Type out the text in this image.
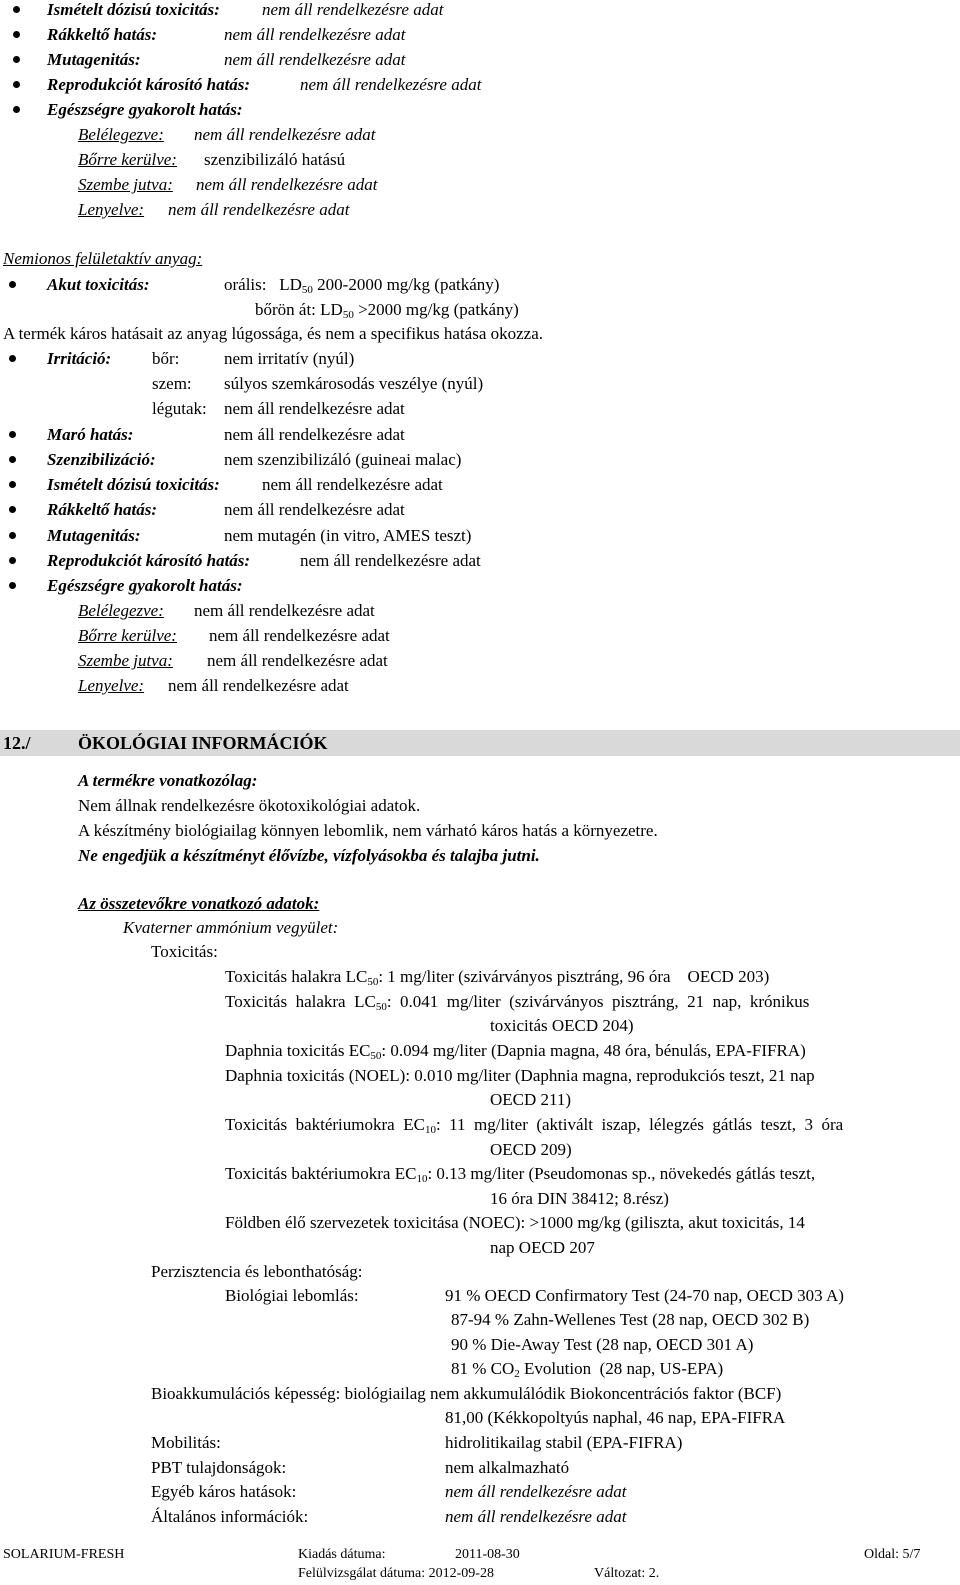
Ismételt dózisú toxicitás: nem áll rendelkezésre adat
Rákkeltő hatás:	nem áll rendelkezésre adat
Mutagenitás:	nem áll rendelkezésre adat
Reprodukciót károsító hatás:	nem áll rendelkezésre adat
Egészségre gyakorolt hatás:
Belélegezve: nem áll rendelkezésre adat
Bőrre kerülve: szenzibilizáló hatású
Szembe jutva: nem áll rendelkezésre adat
Lenyelve: nem áll rendelkezésre adat
Nemionos felületaktív anyag:
Akut toxicitás:	orális: $LD_{50}$ 200-2000 mg/kg (patkány)
bőrön át: $LD_{50} >2000$ mg/kg (patkány)
A termék káros hatásait az anyag lúgossága, és nem a specifikus hatása okozza.
Irritáció: bőr:	nem irritatív (nyúl)
szem: súlyos szemkárosodás veszélye (nyúl)
légutak: nem áll rendelkezésre adat
Maró hatás:	nem áll rendelkezésre adat
Szenzibilizáció:	nem szenzibilizáló (guineai malac)
Ismételt dózisú toxicitás: nem áll rendelkezésre adat
Rákkeltő hatás:	nem áll rendelkezésre adat
Mutagenitás:	nem mutagén (in vitro, AMES teszt)
Reprodukciót károsító hatás:	nem áll rendelkezésre adat
Egészségre gyakorolt hatás:
Belélegezve: nem áll rendelkezésre adat
Bőrre kerülve: nem áll rendelkezésre adat
Szembe jutva: nem áll rendelkezésre adat
Lenyelve: nem áll rendelkezésre adat
12./	ÖKOLÓGIAI INFORMÁCIÓK
A termékre vonatkozólag:
Nem állnak rendelkezésre ökotoxikológiai adatok.
A készítmény biológiailag könnyen lebomlik, nem várható káros hatás a környezetre.
Ne engedjük a készítményt élővízbe, vízfolyásokba és talajba jutni.
Az összetevőkre vonatkozó adatok:
Kvaterner ammónium vegyület:
Toxicitás:
Toxicitás halakra $LC_{50}$: 1 mg/liter (szivárványos pisztráng, 96 óra    OECD 203)
Toxicitás  halakra  $LC_{50}$:  0.041  mg/liter  (szivárványos  pisztráng,  21  nap,  krónikus
toxicitás OECD 204)
Daphnia toxicitás $EC_{50}$: 0.094 mg/liter (Dapnia magna, 48 óra, bénulás, EPA-FIFRA)
Daphnia toxicitás (NOEL): 0.010 mg/liter (Daphnia magna, reprodukciós teszt, 21 nap
OECD 211)
Toxicitás  baktériumokra  $EC_{10}$:  11  mg/liter  (aktivált  iszap,  lélegzés  gátlás  teszt,  3  óra
OECD 209)
Toxicitás baktériumokra $EC_{10}$: 0.13 mg/liter (Pseudomonas sp., növekedés gátlás teszt,
16 óra DIN 38412; 8.rész)
Földben élő szervezetek toxicitása (NOEC): >1000 mg/kg (giliszta, akut toxicitás, 14
nap OECD 207
Perzisztencia és lebonthatóság:
Biológiai lebomlás:	91 % OECD Confirmatory Test (24-70 nap, OECD 303 A)
87-94 % Zahn-Wellenes Test (28 nap, OECD 302 B)
90 % Die-Away Test (28 nap, OECD 301 A)
81 % $CO_2$ Evolution  (28 nap, US-EPA)
Bioakkumulációs képesség: biológiailag nem akkumulálódik Biokoncentrációs faktor (BCF)
81,00 (Kékkopoltyús naphal, 46 nap, EPA-FIFRA
Mobilitás:	hidrolitikailag stabil (EPA-FIFRA)
PBT tulajdonságok:	nem alkalmazható
Egyéb káros hatások:	nem áll rendelkezésre adat
Általános információk:	nem áll rendelkezésre adat
SOLARIUM-FRESH	Kiadás dátuma:	2011-08-30	Oldal: 5/7
Felülvizsgálat dátuma: 2012-09-28	Változat: 2.
